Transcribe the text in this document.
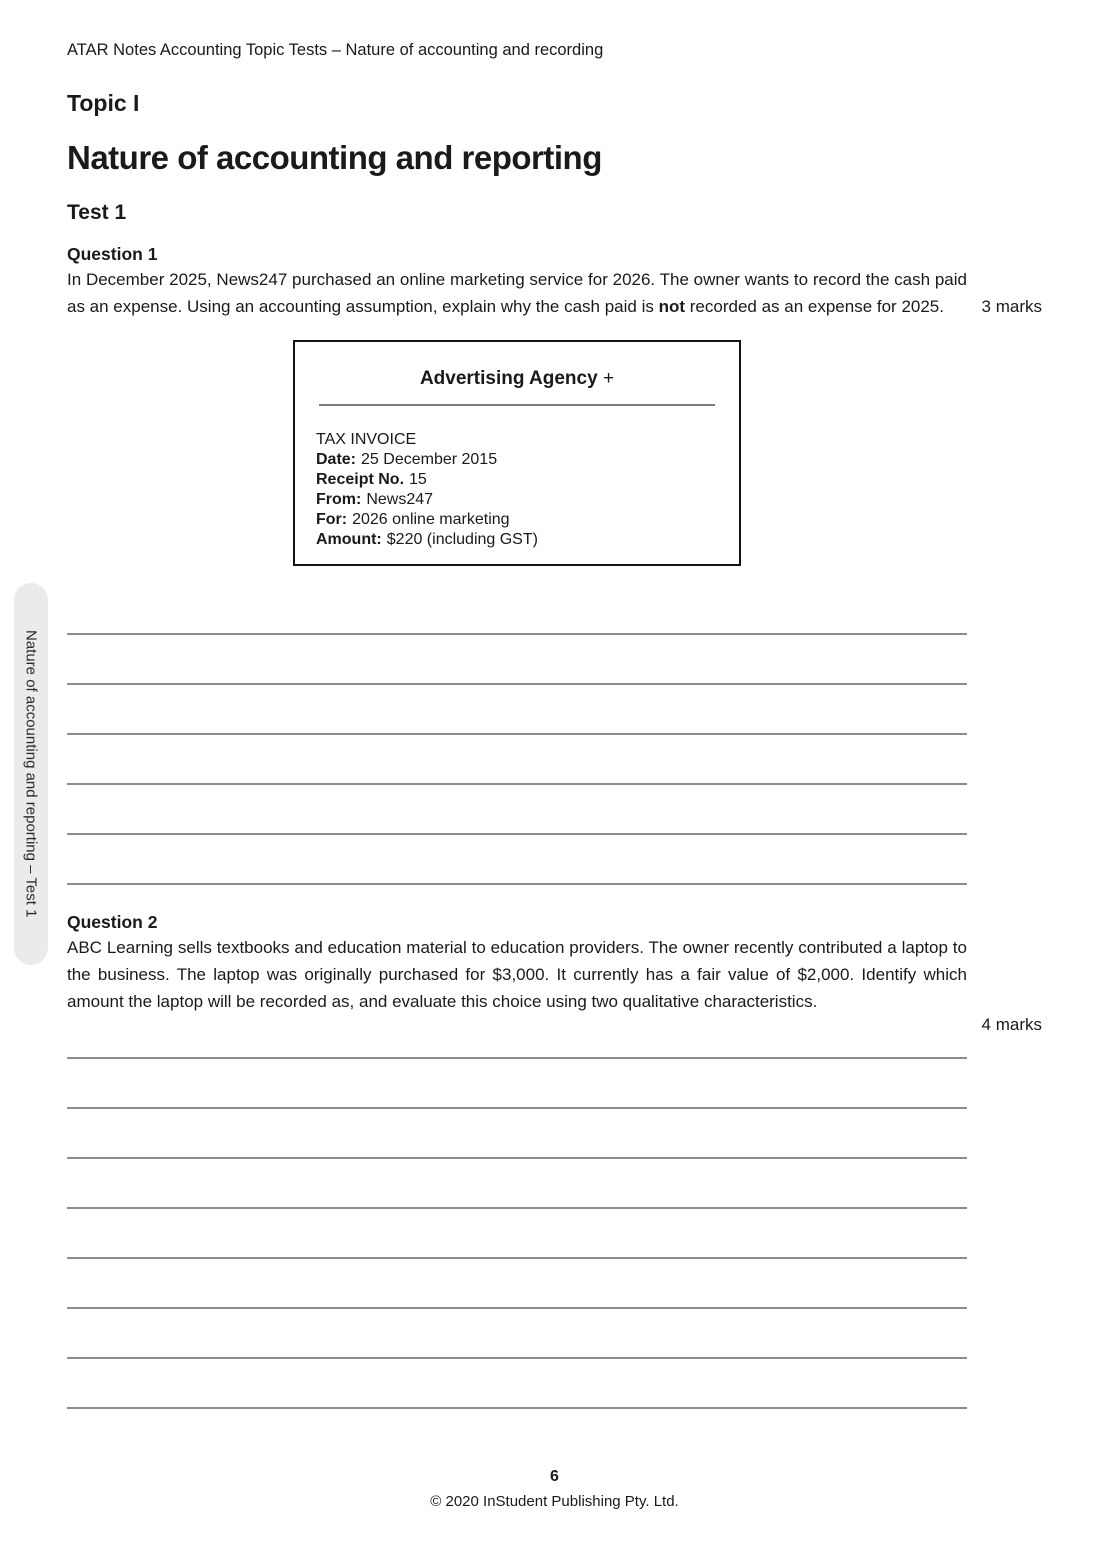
Nature of accounting and reporting – Test 1
ATAR Notes Accounting Topic Tests – Nature of accounting and recording
Topic I
Nature of accounting and reporting
Test 1
Question 1

In December 2025, News247 purchased an online marketing service for 2026. The owner wants to record the cash paid as an expense. Using an accounting assumption, explain why the cash paid is not recorded as an expense for 2025.	3 marks
Advertising Agency +
TAX INVOICE
Date: 25 December 2015
Receipt No. 15
From: News247
For: 2026 online marketing
Amount: $220 (including GST)
Question 2

ABC Learning sells textbooks and education material to education providers. The owner recently contributed a laptop to the business. The laptop was originally purchased for $3,000. It currently has a fair value of $2,000. Identify which amount the laptop will be recorded as, and evaluate this choice using two qualitative characteristics.

4 marks
6
© 2020 InStudent Publishing Pty. Ltd.
